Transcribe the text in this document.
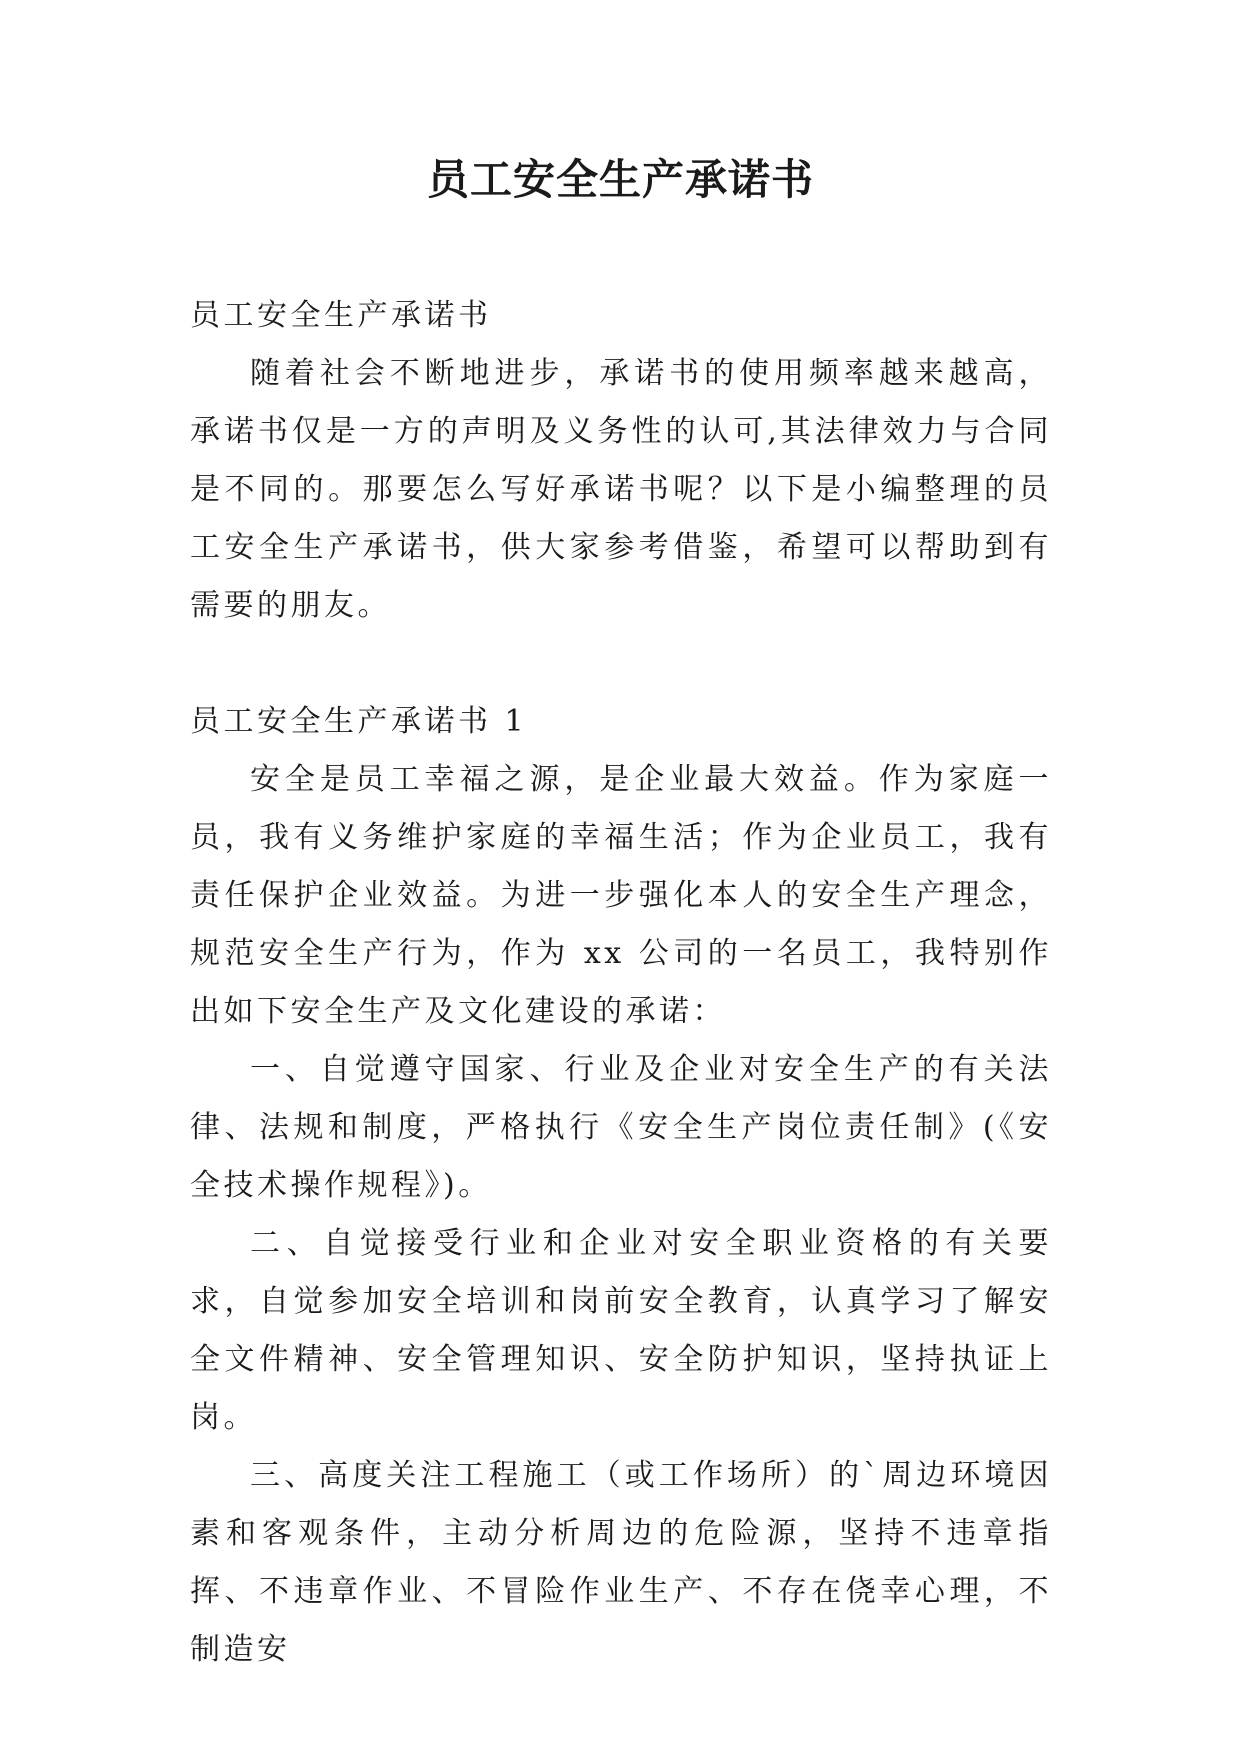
员工安全生产承诺书

员工安全生产承诺书

随着社会不断地进步，承诺书的使用频率越来越高，承诺书仅是一方的声明及义务性的认可,其法律效力与合同是不同的。那要怎么写好承诺书呢？以下是小编整理的员工安全生产承诺书，供大家参考借鉴，希望可以帮助到有需要的朋友。

员工安全生产承诺书 1

安全是员工幸福之源，是企业最大效益。作为家庭一员，我有义务维护家庭的幸福生活；作为企业员工，我有责任保护企业效益。为进一步强化本人的安全生产理念，规范安全生产行为，作为 xx 公司的一名员工，我特别作出如下安全生产及文化建设的承诺：

一、自觉遵守国家、行业及企业对安全生产的有关法律、法规和制度，严格执行《安全生产岗位责任制》(《安全技术操作规程》)。

二、自觉接受行业和企业对安全职业资格的有关要求，自觉参加安全培训和岗前安全教育，认真学习了解安全文件精神、安全管理知识、安全防护知识，坚持执证上岗。

三、高度关注工程施工（或工作场所）的`周边环境因素和客观条件，主动分析周边的危险源，坚持不违章指挥、不违章作业、不冒险作业生产、不存在侥幸心理，不制造安
